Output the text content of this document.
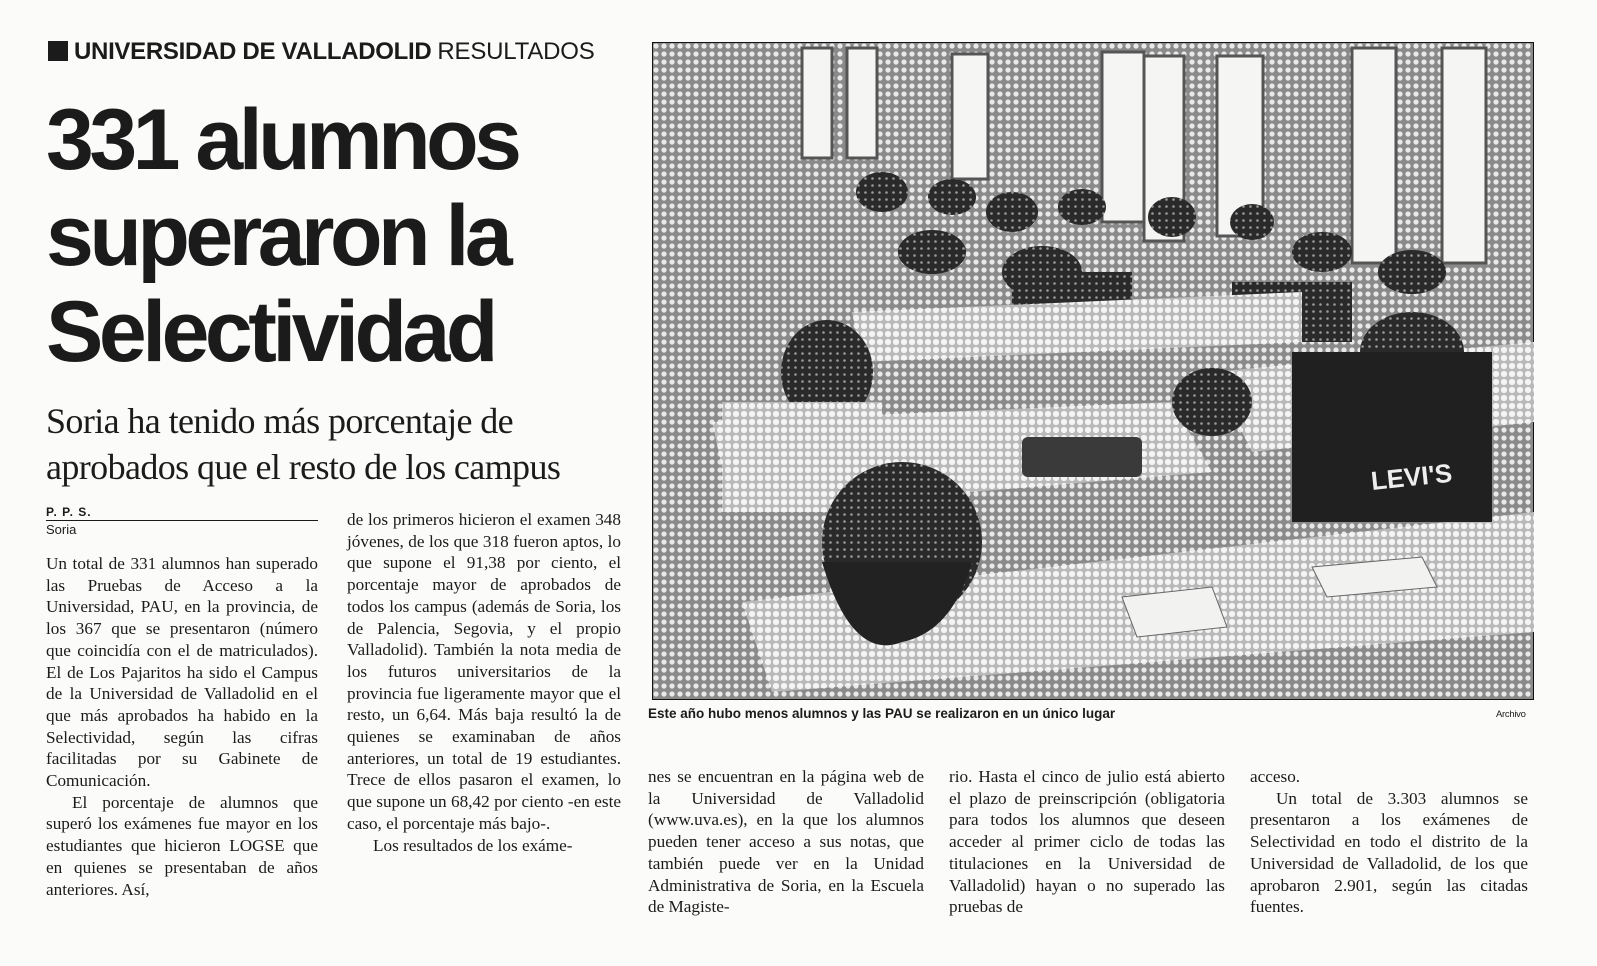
UNIVERSIDAD DE VALLADOLID RESULTADOS
331 alumnos
superaron la
Selectividad
Soria ha tenido más porcentaje de
aprobados que el resto de los campus
P. P. S.
Soria

Un total de 331 alumnos han superado las Pruebas de Acceso a la Universidad, PAU, en la provincia, de los 367 que se presentaron (número que coincidía con el de matriculados). El de Los Pajaritos ha sido el Campus de la Universidad de Valladolid en el que más aprobados ha habido en la Selectividad, según las cifras facilitadas por su Gabinete de Comunicación.

El porcentaje de alumnos que superó los exámenes fue mayor en los estudiantes que hicieron LOGSE que en quienes se presentaban de años anteriores. Así,

de los primeros hicieron el examen 348 jóvenes, de los que 318 fueron aptos, lo que supone el 91,38 por ciento, el porcentaje mayor de aprobados de todos los campus (además de Soria, los de Palencia, Segovia, y el propio Valladolid). También la nota media de los futuros universitarios de la provincia fue ligeramente mayor que el resto, un 6,64. Más baja resultó la de quienes se examinaban de años anteriores, un total de 19 estudiantes. Trece de ellos pasaron el examen, lo que supone un 68,42 por ciento -en este caso, el porcentaje más bajo-.

Los resultados de los exáme-

nes se encuentran en la página web de la Universidad de Valladolid (www.uva.es), en la que los alumnos pueden tener acceso a sus notas, que también puede ver en la Unidad Administrativa de Soria, en la Escuela de Magiste-

rio. Hasta el cinco de julio está abierto el plazo de preinscripción (obligatoria para todos los alumnos que deseen acceder al primer ciclo de todas las titulaciones en la Universidad de Valladolid) hayan o no superado las pruebas de

acceso.

Un total de 3.303 alumnos se presentaron a los exámenes de Selectividad en todo el distrito de la Universidad de Valladolid, de los que aprobaron 2.901, según las citadas fuentes.

LEVI'S
Este año hubo menos alumnos y las PAU se realizaron en un único lugar	Archivo
